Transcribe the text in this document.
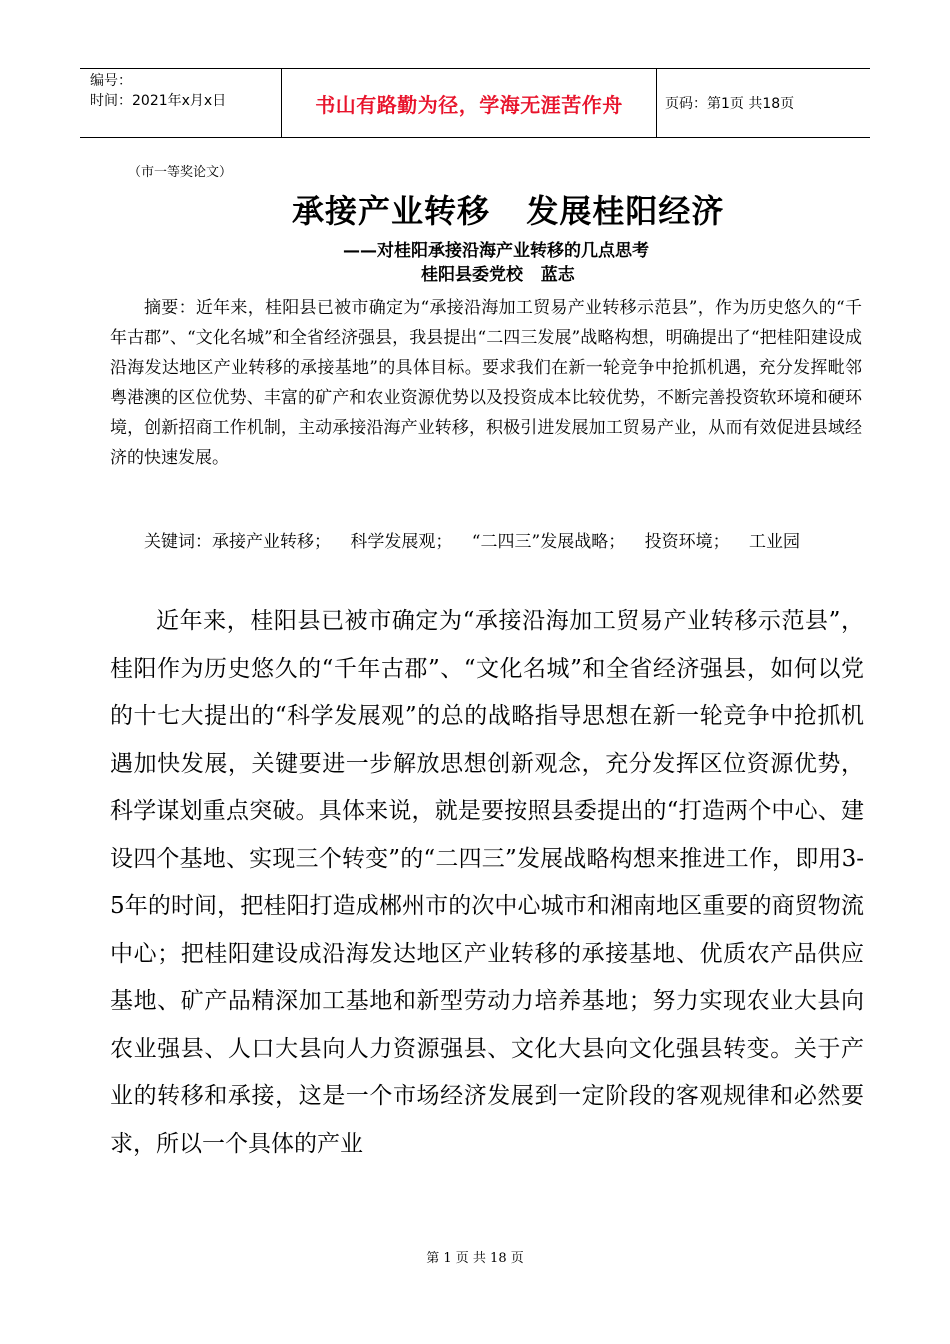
编号：
时间：2021年x月x日	书山有路勤为径，学海无涯苦作舟	页码：第1页 共18页
（市一等奖论文）
承接产业转移   发展桂阳经济
——对桂阳承接沿海产业转移的几点思考
桂阳县委党校   蓝志

摘要：近年来，桂阳县已被市确定为“承接沿海加工贸易产业转移示范县”，作为历史悠久的“千年古郡”、“文化名城”和全省经济强县，我县提出“二四三发展”战略构想，明确提出了“把桂阳建设成沿海发达地区产业转移的承接基地”的具体目标。要求我们在新一轮竞争中抢抓机遇，充分发挥毗邻粤港澳的区位优势、丰富的矿产和农业资源优势以及投资成本比较优势，不断完善投资软环境和硬环境，创新招商工作机制，主动承接沿海产业转移，积极引进发展加工贸易产业，从而有效促进县域经济的快速发展。

关键词：承接产业转移； 科学发展观； “二四三”发展战略； 投资环境； 工业园

近年来，桂阳县已被市确定为“承接沿海加工贸易产业转移示范县”，桂阳作为历史悠久的“千年古郡”、“文化名城”和全省经济强县，如何以党的十七大提出的“科学发展观”的总的战略指导思想在新一轮竞争中抢抓机遇加快发展，关键要进一步解放思想创新观念，充分发挥区位资源优势，科学谋划重点突破。具体来说，就是要按照县委提出的“打造两个中心、建设四个基地、实现三个转变”的“二四三”发展战略构想来推进工作，即用3-5年的时间，把桂阳打造成郴州市的次中心城市和湘南地区重要的商贸物流中心；把桂阳建设成沿海发达地区产业转移的承接基地、优质农产品供应基地、矿产品精深加工基地和新型劳动力培养基地；努力实现农业大县向农业强县、人口大县向人力资源强县、文化大县向文化强县转变。关于产业的转移和承接，这是一个市场经济发展到一定阶段的客观规律和必然要求，所以一个具体的产业

第 1 页 共 18 页
